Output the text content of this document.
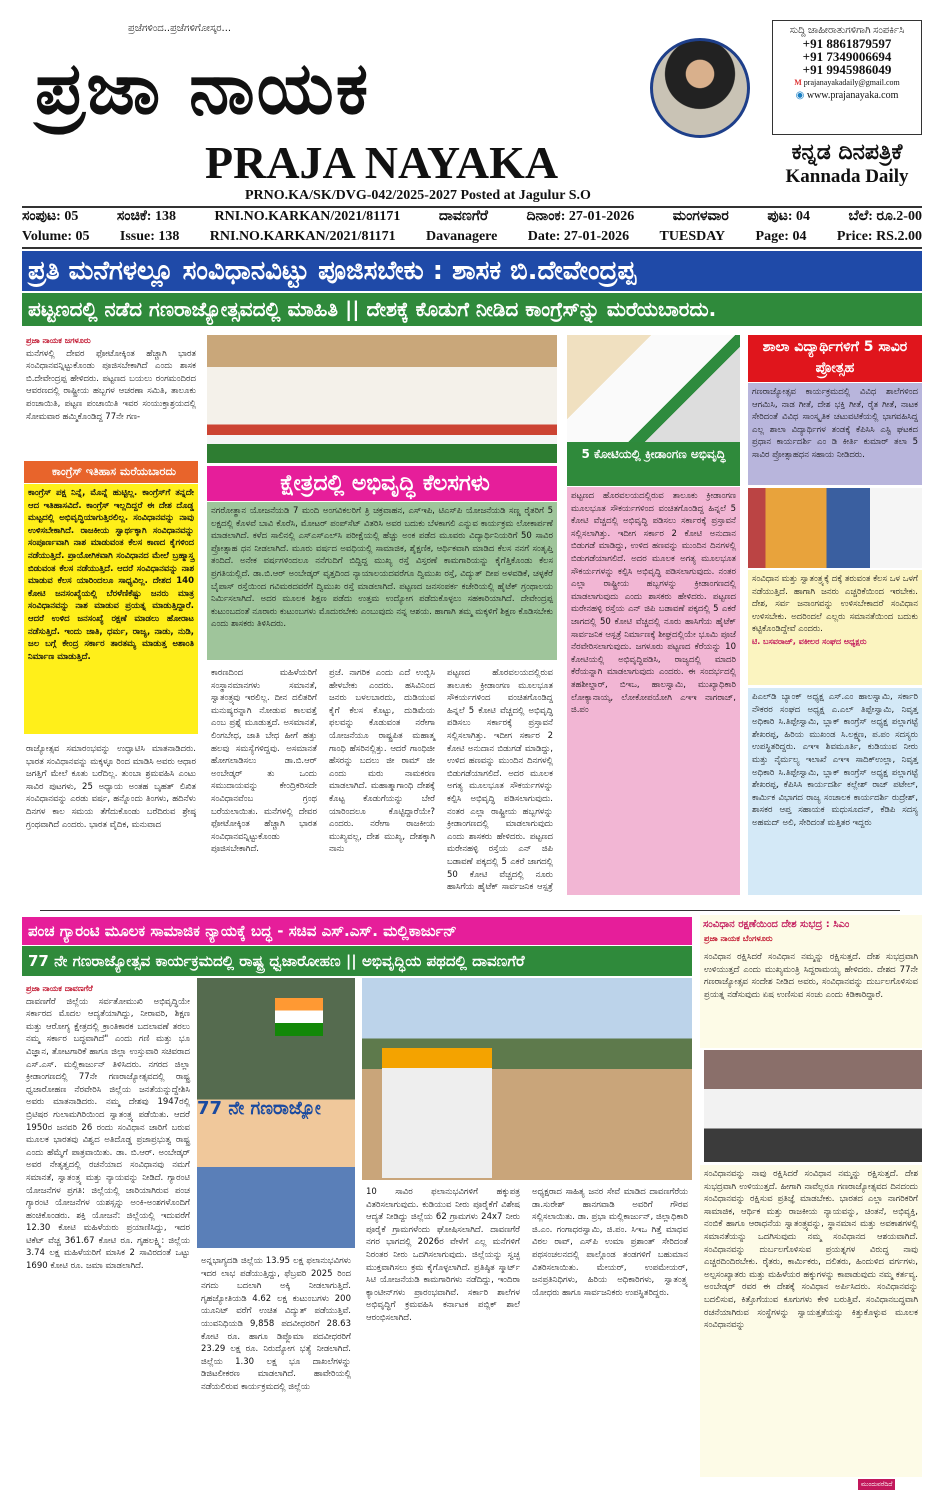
ಪ್ರಜೆಗಳಿಂದ..ಪ್ರಜೆಗಳಿಗೋಸ್ಕರ...
ಪ್ರಜಾ ನಾಯಕ
PRAJA NAYAKA
PRNO.KA/SK/DVG-042/2025-2027 Posted at Jagulur S.O
ಸುದ್ದಿ ಜಾಹೀರಾತುಗಳಿಗಾಗಿ ಸಂಪರ್ಕಿಸಿ
+91 8861879597
+91 7349006694
+91 9945986049
M prajanayakadaily@gmail.com
◉ www.prajanayaka.com
ಕನ್ನಡ ದಿನಪತ್ರಿಕೆ
Kannada Daily
ಸಂಪುಟ: 05	ಸಂಚಿಕೆ: 138	RNI.NO.KARKAN/2021/81171	ದಾವಣಗೆರೆ	ದಿನಾಂಕ: 27-01-2026	ಮಂಗಳವಾರ	ಪುಟ: 04	ಬೆಲೆ: ರೂ.2-00
Volume: 05 Issue: 138 RNI.NO.KARKAN/2021/81171 Davanagere Date: 27-01-2026 TUESDAY Page: 04 Price: RS.2.00
ಪ್ರತಿ ಮನೆಗಳಲ್ಲೂ ಸಂವಿಧಾನವಿಟ್ಟು ಪೂಜಿಸಬೇಕು : ಶಾಸಕ ಬಿ.ದೇವೇಂದ್ರಪ್ಪ
ಪಟ್ಟಣದಲ್ಲಿ ನಡೆದ ಗಣರಾಜ್ಯೋತ್ಸವದಲ್ಲಿ ಮಾಹಿತಿ || ದೇಶಕ್ಕೆ ಕೊಡುಗೆ ನೀಡಿದ ಕಾಂಗ್ರೆಸ್‌ನ್ನು ಮರೆಯಬಾರದು.
ಪ್ರಜಾ ನಾಯಕ ಜಗಳೂರು
ಮನೆಗಳಲ್ಲಿ ದೇವರ ಫೋಟೋಕ್ಕಿಂತ ಹೆಚ್ಚಾಗಿ ಭಾರತ ಸಂವಿಧಾನವನ್ನಿಟ್ಟುಕೊಂಡು ಪೂಜಿಸಬೇಕಾಗಿದೆ ಎಂದು ಶಾಸಕ ಬಿ.ದೇವೇಂದ್ರಪ್ಪ ಹೇಳಿದರು. ಪಟ್ಟಣದ ಬಯಲು ರಂಗಮಂದಿರದ ಆವರಣದಲ್ಲಿ ರಾಷ್ಟ್ರೀಯ ಹಬ್ಬಗಳ ಆಚರಣಾ ಸಮಿತಿ, ತಾಲೂಕು ಪಂಚಾಯಿತಿ, ಪಟ್ಟಣ ಪಂಚಾಯಿತಿ ಇವರ ಸಂಯುಕ್ತಾಶ್ರಯದಲ್ಲಿ ಸೋಮವಾರ ಹಮ್ಮಿಕೊಂಡಿದ್ದ 77ನೇ ಗಣ-
ಕಾಂಗ್ರೆಸ್ ಇತಿಹಾಸ ಮರೆಯಬಾರದು
ಕಾಂಗ್ರೆಸ್ ಪಕ್ಷ ನಿನ್ನೆ, ಮೊನ್ನೆ ಹುಟ್ಟಿಲ್ಲ. ಕಾಂಗ್ರೆಸ್‌ಗೆ ತನ್ನದೇ ಆದ ಇತಿಹಾಸವಿದೆ. ಕಾಂಗ್ರೆಸ್ ಇಲ್ಲದಿದ್ದರೆ ಈ ದೇಶ ದೊಡ್ಡ ಮಟ್ಟದಲ್ಲಿ ಅಭಿವೃದ್ಧಿಯಾಗುತ್ತಿರಲಿಲ್ಲ. ಸಂವಿಧಾನವನ್ನು ನಾವು ಉಳಿಸಬೇಕಾಗಿದೆ. ರಾಜಕೀಯ ಸ್ವಾರ್ಥಕ್ಕಾಗಿ ಸಂವಿಧಾನವನ್ನು ಸಂಪೂರ್ಣವಾಗಿ ನಾಶ ಮಾಡುವಂತ ಕೆಲಸ ಕಾಣದ ಕೈಗಳಿಂದ ನಡೆಯುತ್ತಿದೆ. ಪ್ರಾಯೋಗಿಕವಾಗಿ ಸಂವಿಧಾನದ ಮೇಲೆ ಬ್ರಹ್ಮಾಸ್ತ್ರ ಬಿಡುವಂತ ಕೆಲಸ ನಡೆಯುತ್ತಿದೆ. ಆದರೆ ಸಂವಿಧಾನವನ್ನು ನಾಶ ಮಾಡುವ ಕೆಲಸ ಯಾರಿಂದಲೂ ಸಾಧ್ಯವಿಲ್ಲ. ದೇಶದ 140 ಕೋಟಿ ಜನಸಂಖ್ಯೆಯಲ್ಲಿ ಬೆರಳೆಣಿಕೆಷ್ಟು ಜನರು ಮಾತ್ರ ಸಂವಿಧಾನವನ್ನು ನಾಶ ಮಾಡುವ ಪ್ರಯತ್ನ ಮಾಡುತ್ತಿದ್ದಾರೆ. ಆದರೆ ಉಳಿದ ಜನಸಂಖ್ಯೆ ರಕ್ಷಣೆ ಮಾಡಲು ಹೋರಾಟ ನಡೆಸುತ್ತಿದೆ. ಇಂದು ಜಾತಿ, ಧರ್ಮ, ರಾಜ್ಯ, ನಾಡು, ನುಡಿ, ಜಲ ಬಗ್ಗೆ ಕೇಂದ್ರ ಸರ್ಕಾರ ತಾರತಮ್ಯ ಮಾಡುತ್ತ ಅಶಾಂತಿ ನಿರ್ಮಾಣ ಮಾಡುತ್ತಿದೆ.
ರಾಜ್ಯೋತ್ಸವ ಸಮಾರಂಭವನ್ನು ಉದ್ಘಾಟಿಸಿ ಮಾತನಾಡಿದರು. ಭಾರತ ಸಂವಿಧಾನವನ್ನು ಮಕ್ಕಳ್ಳೂ ರಿಂದ ಮಾಡಿಸಿ ಅವರು ಆಧಾರ ಜಗತ್ತಿಗೆ ಮೇಲೆ ಕೂತು ಬರೆದಿಲ್ಲ. ತುಂಬಾ ಶ್ರಮವಹಿಸಿ ಎಂಟು ಸಾವಿರ ಪುಟಗಳು, 25 ಅಧ್ಯಾಯ ಅಂತಹ ಬೃಹತ್ ಲಿಖಿತ ಸಂವಿಧಾನವನ್ನು ಎರಡು ವರ್ಷ, ಹನ್ನೊಂದು ತಿಂಗಳು, ಹದಿನೆಳು ದಿನಗಳ ಕಾಲ ಸಮಯ ತೆಗೆದುಕೊಂಡು ಬರೆದಿರುವ ಶ್ರೇಷ್ಠ ಗ್ರಂಥವಾಗಿದೆ ಎಂದರು. ಭಾರತ ವೈದಿಕ, ಮನುವಾದ
ಕ್ಷೇತ್ರದಲ್ಲಿ ಅಭಿವೃದ್ಧಿ ಕೆಲಸಗಳು
ನಗರೋತ್ಥಾನ ಯೋಜನೆಯಡಿ 7 ಮಂದಿ ಅಂಗವಿಕಲರಿಗೆ ತ್ರಿ ಚಕ್ರವಾಹನ, ಎಸ್‌ಇಪಿ, ಟಿಎಸ್‌ಪಿ ಯೋಜನೆಯಡಿ ಸಣ್ಣ ರೈತರಿಗೆ 5 ಲಕ್ಷದಲ್ಲಿ ಕೊಳವೆ ಬಾವಿ ಕೊರೆಸಿ, ಮೋಟರ್ ಪಂಪ್‌ಸೆಟ್ ವಿತರಿಸಿ ಅವರ ಬದುಕು ಬೆಳಕಾಗಲಿ ಎನ್ನುವ ಕಾರ್ಯಕ್ರಮ ಲೋಕಾರ್ಪಣೆ ಮಾಡಲಾಗಿದೆ. ಕಳೆದ ಸಾಲಿನಲ್ಲಿ ಎಸ್‌ಎಸ್‌ಎಲ್‌ಸಿ ಪರೀಕ್ಷೆಯಲ್ಲಿ ಹೆಚ್ಚು ಅಂಕ ಪಡೆದ ಮೂವರು ವಿದ್ಯಾರ್ಥಿನಿಯರಿಗೆ 50 ಸಾವಿರ ಪ್ರೋತ್ಸಾಹ ಧನ ನೀಡಲಾಗಿದೆ. ಮೂರು ವರ್ಷದ ಅವಧಿಯಲ್ಲಿ ಸಾಮಾಜಿಕ, ಶೈಕ್ಷಣಿಕ, ಆರ್ಥಿಕವಾಗಿ ಮಾಡಿದ ಕೆಲಸ ನನಗೆ ಸಂತೃಪ್ತಿ ತಂದಿದೆ. ಅನೇಕ ವರ್ಷಗಳಿಂದಲೂ ನನೆಗುದಿಗೆ ಬಿದ್ದಿದ್ದ ಮುಖ್ಯ ರಸ್ತೆ ವಿಸ್ತರಣೆ ಕಾಮಗಾರಿಯನ್ನು ಕೈಗೆತ್ತಿಕೊಂಡು ಕೆಲಸ ಪ್ರಗತಿಯಲ್ಲಿದೆ. ಡಾ.ಬಿ.ಆರ್ ಅಂಬೇಡ್ಕರ್ ವೃತ್ತದಿಂದ ನ್ಯಾಯಾಲಯದವರೆಗೂ ದ್ವಿಮುಖ ರಸ್ತೆ, ವಿದ್ಯುತ್ ದೀಪ ಅಳವಡಿಕೆ, ಚಳ್ಳಕೆರೆ ಬೈಪಾಸ್ ರಸ್ತೆಯಿಂದ ಗವಿಮಠದವರೆಗೆ ದ್ವಿಮುಖ ರಸ್ತೆ ಮಾಡಲಾಗಿದೆ. ಪಟ್ಟಣದ ಜನಸಂಪರ್ಕ ಕಚೇರಿಯಲ್ಲಿ ಹೈಟೆಕ್ ಗ್ರಂಥಾಲಯ ನಿರ್ಮಿಸಲಾಗಿದೆ. ಅದರ ಮೂಲಕ ಶಿಕ್ಷಣ ಪಡೆದು ಉತ್ತಮ ಉದ್ಯೋಗ ಪಡೆದುಕೊಳ್ಳಲು ಸಹಕಾರಿಯಾಗಿದೆ. ದೇವೇಂದ್ರಪ್ಪ ಕುಟುಂಬದಂತೆ ನೂರಾರು ಕುಟುಂಬಗಳು ಮೊದುರಬೇಕು ಎಂಬುವುದು ನನ್ನ ಆಶಯ. ಹಾಗಾಗಿ ತಮ್ಮ ಮಕ್ಕಳಿಗೆ ಶಿಕ್ಷಣ ಕೊಡಿಸಬೇಕು ಎಂದು ಶಾಸಕರು ತಿಳಿಸಿದರು.
ಕಾರಣದಿಂದ ಮಹಿಳೆಯರಿಗೆ ಸಂಸ್ಥಾನಮಾನಗಳು ಸಮಾನತೆ, ಸ್ವಾತಂತ್ರ್ಯವು ಇರಲಿಲ್ಲ. ದೀನ ದಲಿತರಿಗೆ ಮನುಷ್ಯರನ್ನಾಗಿ ನೋಡುವ ಕಾಲವತ್ತೆ ಎಂಬ ಪ್ರಶ್ನೆ ಮೂಡುತ್ತದೆ. ಅಸಮಾನತೆ, ಲಿಂಗಬೇಧ, ಜಾತಿ ಬೇಧ ಹೀಗೆ ಹತ್ತು ಹಲವು ಸಮಸ್ಯೆಗಳಿದ್ದವು. ಅಸಮಾನತೆ ಹೋಗಲಾಡಿಸಲು ಡಾ.ಬಿ.ಆರ್ ಅಂಬೇಡ್ಕರ್ ತು ಒಂದು ಸಮುದಾಯವನ್ನು ಕೇಂದ್ರಿಕರಿಸದೇ ಸಂವಿಧಾನವೆಂಬ ಗ್ರಂಥ ಬರೆಯಲಾಯಿತು. ಮನೆಗಳಲ್ಲಿ ದೇವರ ಫೋಟೋಕ್ಕಿಂತ ಹೆಚ್ಚಾಗಿ ಭಾರತ ಸಂವಿಧಾನವನ್ನಿಟ್ಟುಕೊಂಡು ಪೂಜಿಸಬೇಕಾಗಿದೆ.
ಪ್ರಜೆ. ನಾಗರಿಕ ಎಂದು ಎದೆ ಉಬ್ಬಿಸಿ ಹೇಳಬೇಕು ಎಂದರು. ಹಸಿವಿನಿಂದ ಜನರು ಬಳಲಬಾರದು, ದುಡಿಯುವ ಕೈಗೆ ಕೆಲಸ ಕೊಟ್ಟು, ದುಡಿಮೆಯ ಫಲವನ್ನು ಕೊಡುವಂತ ನರೇಗಾ ಯೋಜನೆಯೂ ರಾಷ್ಟ್ರಪಿತ ಮಹಾತ್ಮ ಗಾಂಧಿ ಹೆಸರಿನಲ್ಲಿತ್ತು. ಆದರೆ ಗಾಂಧಿಜೀ ಹೆಸರನ್ನು ಬದಲು ಜೀ ರಾಮ್ ಜೀ ಎಂದು ಮರು ನಾಮಕರಣ ಮಾಡಲಾಗಿದೆ. ಮಹಾತ್ಮಾಗಾಂಧಿ ದೇಶಕ್ಕೆ ಕೊಟ್ಟ ಕೊಡುಗೆಯನ್ನು ಬೇರೆ ಯಾರಿಂದಲೂ ಕೊಟ್ಟಿದ್ದಾರೆಯೇ? ಎಂದರು. ನರೇಗಾ ರಾಜಕೀಯ ಮುಖ್ಯವಲ್ಲ, ದೇಶ ಮುಖ್ಯ, ದೇಶಕ್ಕಾಗಿ ನಾನು
ಪಟ್ಟಣದ ಹೊರವಲಯದಲ್ಲಿರುವ ತಾಲೂಕು ಕ್ರೀಡಾಂಗಣ ಮೂಲಭೂತ ಸೌಕರ್ಯಗಳಿಂದ ವಂಚಿತಗೊಂಡಿದ್ದ ಹಿನ್ನಲೆ 5 ಕೋಟಿ ವೆಚ್ಚದಲ್ಲಿ ಅಭಿವೃದ್ಧಿ ಪಡಿಸಲು ಸರ್ಕಾರಕ್ಕೆ ಪ್ರಸ್ತಾವನೆ ಸಲ್ಲಿಸಲಾಗಿತ್ತು. ಇದೀಗ ಸರ್ಕಾರ 2 ಕೋಟಿ ಅನುದಾನ ಬಿಡುಗಡೆ ಮಾಡಿದ್ದು, ಉಳಿದ ಹಣವನ್ನು ಮುಂದಿನ ದಿನಗಳಲ್ಲಿ ಬಿಡುಗಡೆಯಾಗಲಿದೆ. ಅದರ ಮೂಲಕ ಅಗತ್ಯ ಮೂಲಭೂತ ಸೌಕರ್ಯಗಳನ್ನು ಕಲ್ಪಿಸಿ ಅಭಿವೃದ್ಧಿ ಪಡಿಸಲಾಗುವುದು. ನಂತರ ಎಲ್ಲಾ ರಾಷ್ಟ್ರೀಯ ಹಬ್ಬಗಳನ್ನು ಕ್ರೀಡಾಂಗಣದಲ್ಲಿ ಮಾಡಲಾಗುವುದು ಎಂದು ಶಾಸಕರು ಹೇಳಿದರು. ಪಟ್ಟಣದ ಮರೇನಹಳ್ಳಿ ರಸ್ತೆಯ ಎನ್ ಜಿಪಿ ಬಡಾವಣೆ ಪಕ್ಕದಲ್ಲಿ 5 ಎಕರೆ ಜಾಗದಲ್ಲಿ 50 ಕೋಟಿ ವೆಚ್ಚದಲ್ಲಿ ನೂರು ಹಾಸಿಗೆಯ ಹೈಟೆಕ್ ಸಾರ್ವಜನಿಕ ಆಸ್ಪತ್ರೆ
5 ಕೋಟಿಯಲ್ಲಿ ಕ್ರೀಡಾಂಗಣ ಅಭಿವೃದ್ಧಿ
ಪಟ್ಟಣದ ಹೊರವಲಯದಲ್ಲಿರುವ ತಾಲೂಕು ಕ್ರೀಡಾಂಗಣ ಮೂಲಭೂತ ಸೌಕರ್ಯಗಳಿಂದ ವಂಚಿತಗೊಂಡಿದ್ದ ಹಿನ್ನಲೆ 5 ಕೋಟಿ ವೆಚ್ಚದಲ್ಲಿ ಅಭಿವೃದ್ಧಿ ಪಡಿಸಲು ಸರ್ಕಾರಕ್ಕೆ ಪ್ರಸ್ತಾವನೆ ಸಲ್ಲಿಸಲಾಗಿತ್ತು. ಇದೀಗ ಸರ್ಕಾರ 2 ಕೋಟಿ ಅನುದಾನ ಬಿಡುಗಡೆ ಮಾಡಿದ್ದು, ಉಳಿದ ಹಣವನ್ನು ಮುಂದಿನ ದಿನಗಳಲ್ಲಿ ಬಿಡುಗಡೆಯಾಗಲಿದೆ. ಅದರ ಮೂಲಕ ಅಗತ್ಯ ಮೂಲಭೂತ ಸೌಕರ್ಯಗಳನ್ನು ಕಲ್ಪಿಸಿ ಅಭಿವೃದ್ಧಿ ಪಡಿಸಲಾಗುವುದು. ನಂತರ ಎಲ್ಲಾ ರಾಷ್ಟ್ರೀಯ ಹಬ್ಬಗಳನ್ನು ಕ್ರೀಡಾಂಗಣದಲ್ಲಿ ಮಾಡಲಾಗುವುದು ಎಂದು ಶಾಸಕರು ಹೇಳಿದರು. ಪಟ್ಟಣದ ಮರೇನಹಳ್ಳಿ ರಸ್ತೆಯ ಎನ್ ಜಿಪಿ ಬಡಾವಣೆ ಪಕ್ಕದಲ್ಲಿ 5 ಎಕರೆ ಜಾಗದಲ್ಲಿ 50 ಕೋಟಿ ವೆಚ್ಚದಲ್ಲಿ ನೂರು ಹಾಸಿಗೆಯ ಹೈಟೆಕ್ ಸಾರ್ವಜನಿಕ ಆಸ್ಪತ್ರೆ ನಿರ್ಮಾಣಕ್ಕೆ ಶೀಘ್ರದಲ್ಲಿಯೇ ಭೂಮಿ ಪೂಜೆ ನೆರವೇರಿಸಲಾಗುವುದು. ಜಗಳೂರು ಪಟ್ಟಣದ ಕೆರೆಯನ್ನು 10 ಕೋಟಿಯಲ್ಲಿ ಅಭಿವೃದ್ಧಿಪಡಿಸಿ, ರಾಜ್ಯದಲ್ಲಿ ಮಾದರಿ ಕೆರೆಯನ್ನಾಗಿ ಮಾಡಲಾಗುವುದು ಎಂದರು. ಈ ಸಂದರ್ಭದಲ್ಲಿ ತಹಶೀಲ್ದಾರ್, ಬಿಇಒ, ಹಾಲಸ್ವಾಮಿ, ಮುಖ್ಯಾಧಿಕಾರಿ ಲೋಕ್ಯಾನಾಯ್ಕ, ಲೋಕೋಪಯೋಗಿ ಎಇಇ ನಾಗರಾಜ್, ಜಿ.ಪಂ
ಶಾಲಾ ವಿದ್ಯಾರ್ಥಿಗಳಿಗೆ 5 ಸಾವಿರ ಪ್ರೋತ್ಸಹ
ಗಣರಾಜ್ಯೋತ್ಸವ ಕಾರ್ಯಕ್ರಮದಲ್ಲಿ ವಿವಿಧ ಶಾಲೆಗಳಿಂದ ಆಗಮಿಸಿ, ನಾಡ ಗೀತೆ, ದೇಶ ಭಕ್ತಿ ಗೀತೆ, ರೈತ ಗೀತೆ, ನಾಟಕ ಸೇರಿದಂತೆ ವಿವಿಧ ಸಾಂಸ್ಕೃತಿಕ ಚಟುವಟಿಕೆಯಲ್ಲಿ ಭಾಗವಹಿಸಿದ್ದ ಎಲ್ಲ ಶಾಲಾ ವಿದ್ಯಾರ್ಥಿಗಳ ತಂಡಕ್ಕೆ ಕೆಪಿಸಿಸಿ ಎಸ್ಟಿ ಘಟಕದ ಪ್ರಧಾನ ಕಾರ್ಯದರ್ಶಿ ಎಂ ಡಿ ಕೀರ್ತಿ ಕುಮಾರ್ ತಲಾ 5 ಸಾವಿರ ಪ್ರೋತ್ಸಾಹಧನ ಸಹಾಯ ನೀಡಿದರು.
ಸಂವಿಧಾನ ಮತ್ತು ಸ್ವಾತಂತ್ರ್ಯಕ್ಕೆ ದಕ್ಕೆ ತರುವಂತ ಕೆಲಸ ಒಳ ಒಳಗೆ ನಡೆಯುತ್ತಿದೆ. ಹಾಗಾಗಿ ಜನರು ಎಚ್ಚರಿಕೆಯಿಂದ ಇರಬೇಕು. ದೇಶ, ಸರ್ವ ಜನಾಂಗವನ್ನು ಉಳಿಸಬೇಕಾದರೆ ಸಂವಿಧಾನ ಉಳಿಸಬೇಕು. ಅದರಿಂದಲೆ ಎಲ್ಲರು ಸಮಾನತೆಯಿಂದ ಬದುಕು ಕಟ್ಟಿಕೊಂಡಿದ್ದೇವೆ ಎಂದರು.
ಟಿ. ಬಸವರಾಜ್, ವಕೀಲರ ಸಂಘದ ಅಧ್ಯಕ್ಷರು
ಪಿಎಲ್‌ಡಿ ಬ್ಯಾಂಕ್ ಅಧ್ಯಕ್ಷ ಎಸ್.ಎಂ ಹಾಲಸ್ವಾಮಿ, ಸರ್ಕಾರಿ ನೌಕರರ ಸಂಘದ ಅಧ್ಯಕ್ಷ ಎ.ಎಲ್ ತಿಪ್ಪೇಸ್ವಾಮಿ, ನಿವೃತ್ತ ಅಧಿಕಾರಿ ಸಿ.ತಿಪ್ಪೇಸ್ವಾಮಿ, ಬ್ಲಾಕ್ ಕಾಂಗ್ರೆಸ್ ಅಧ್ಯಕ್ಷ ಪಲ್ಲಾಗಟ್ಟೆ ಶೇಖರಪ್ಪ, ಹಿರಿಯ ಮುಖಂಡ ಸಿ.ಲಕ್ಷ್ಮಣ, ಪ.ಪಂ ಸದಸ್ಯರು ಉಪಸ್ಥಿತರಿದ್ದರು. ಎಇಇ ಶಿವಮೂರ್ತಿ, ಕುಡಿಯುವ ನೀರು ಮತ್ತು ನೈರ್ಮಲ್ಯ ಇಲಾಖೆ ಎಇಇ ಸಾದಿಕ್‌ಉಲ್ಲಾ, ನಿವೃತ್ತ ಅಧಿಕಾರಿ ಸಿ.ತಿಪ್ಪೇಸ್ವಾಮಿ, ಬ್ಲಾಕ್ ಕಾಂಗ್ರೆಸ್ ಅಧ್ಯಕ್ಷ ಪಲ್ಲಾಗಟ್ಟೆ ಶೇಖರಪ್ಪ, ಕೆಪಿಸಿಸಿ ಕಾರ್ಯದರ್ಶಿ ಕಲ್ಲೇಶ್ ರಾಜ್ ಪಟೇಲ್, ಕಾರ್ಮಿಕ ವಿಭಾಗದ ರಾಜ್ಯ ಸಂಚಾಲಕ ಕಾರ್ಯದರ್ಶಿ ರುದ್ರೇಶ್, ಶಾಸಕರ ಆಪ್ತ ಸಹಾಯಕ ಮಧುಸೂದನ್, ಕೆಡಿಪಿ ಸದಸ್ಯ ಅಹಮದ್ ಅಲಿ, ಸೇರಿದಂತೆ ಮತ್ತಿತರ ಇದ್ದರು
ಪಂಚ ಗ್ಯಾರಂಟಿ ಮೂಲಕ ಸಾಮಾಜಿಕ ನ್ಯಾಯಕ್ಕೆ ಬದ್ಧ - ಸಚಿವ ಎಸ್.ಎಸ್. ಮಲ್ಲಿಕಾರ್ಜುನ್
77 ನೇ ಗಣರಾಜ್ಯೋತ್ಸವ ಕಾರ್ಯಕ್ರಮದಲ್ಲಿ ರಾಷ್ಟ್ರ ಧ್ವಜಾರೋಹಣ || ಅಭಿವೃದ್ಧಿಯ ಪಥದಲ್ಲಿ ದಾವಣಗೆರೆ
ಪ್ರಜಾ ನಾಯಕ ದಾವಣಗೆರೆ
ದಾವಣಗೆರೆ ಜಿಲ್ಲೆಯ ಸರ್ವತೋಮುಖಿ ಅಭಿವೃದ್ಧಿಯೇ ಸರ್ಕಾರದ ಮೊದಲ ಆದ್ಯತೆಯಾಗಿದ್ದು, ನೀರಾವರಿ, ಶಿಕ್ಷಣ ಮತ್ತು ಆರೋಗ್ಯ ಕ್ಷೇತ್ರದಲ್ಲಿ ಕ್ರಾಂತಿಕಾರಕ ಬದಲಾವಣೆ ತರಲು ನಮ್ಮ ಸರ್ಕಾರ ಬದ್ಧವಾಗಿದೆ" ಎಂದು ಗಣಿ ಮತ್ತು ಭೂ ವಿಜ್ಞಾನ, ತೋಟಗಾರಿಕೆ ಹಾಗೂ ಜಿಲ್ಲಾ ಉಸ್ತುವಾರಿ ಸಚಿವರಾದ ಎಸ್.ಎಸ್. ಮಲ್ಲಿಕಾರ್ಜುನ್ ತಿಳಿಸಿದರು. ನಗರದ ಜಿಲ್ಲಾ ಕ್ರೀಡಾಂಗಣದಲ್ಲಿ 77ನೇ ಗಣರಾಜ್ಯೋತ್ಸವದಲ್ಲಿ ರಾಷ್ಟ್ರ ಧ್ವಜಾರೋಹಣ ನೆರವೇರಿಸಿ ಜಿಲ್ಲೆಯ ಜನತೆಯನ್ನುದ್ದೇಶಿಸಿ ಅವರು ಮಾತನಾಡಿದರು. ನಮ್ಮ ದೇಶವು 1947ರಲ್ಲಿ ಬ್ರಿಟಿಷರ ಗುಲಾಮಗಿರಿಯಿಂದ ಸ್ವಾತಂತ್ರ್ಯ ಪಡೆಯಿತು. ಆದರೆ 1950ರ ಜನವರಿ 26 ರಂದು ಸಂವಿಧಾನ ಜಾರಿಗೆ ಬರುವ ಮೂಲಕ ಭಾರತವು ವಿಶ್ವದ ಅತಿದೊಡ್ಡ ಪ್ರಜಾಪ್ರಭುತ್ವ ರಾಷ್ಟ್ರ ಎಂದು ಹೆಮ್ಮೆಗೆ ಪಾತ್ರವಾಯಿತು. ಡಾ. ಬಿ.ಆರ್. ಅಂಬೇಡ್ಕರ್ ಅವರ ನೇತೃತ್ವದಲ್ಲಿ ರಚನೆಯಾದ ಸಂವಿಧಾನವು ನಮಗೆ ಸಮಾನತೆ, ಸ್ವಾತಂತ್ರ್ಯ ಮತ್ತು ನ್ಯಾಯವನ್ನು ನೀಡಿದೆ. ಗ್ಯಾರಂಟಿ ಯೋಜನೆಗಳ ಪ್ರಗತಿ: ಜಿಲ್ಲೆಯಲ್ಲಿ ಜಾರಿಯಾಗಿರುವ ಪಂಚ ಗ್ಯಾರಂಟಿ ಯೋಜನೆಗಳ ಯಶಸ್ಸನ್ನು ಅಂಕಿ-ಅಂಶಗಳೊಂದಿಗೆ ಹಂಚಿಕೊಂಡರು. ಶಕ್ತಿ ಯೋಜನೆ: ಜಿಲ್ಲೆಯಲ್ಲಿ ಇದುವರೆಗೆ 12.30 ಕೋಟಿ ಮಹಿಳೆಯರು ಪ್ರಯಾಣಿಸಿದ್ದು, ಇದರ ಟಿಕೆಟ್ ವೆಚ್ಚ 361.67 ಕೋಟಿ ರೂ. ಗೃಹಲಕ್ಷ್ಮಿ: ಜಿಲ್ಲೆಯ 3.74 ಲಕ್ಷ ಮಹಿಳೆಯರಿಗೆ ಮಾಸಿಕ 2 ಸಾವಿರದಂತೆ ಒಟ್ಟು 1690 ಕೋಟಿ ರೂ. ಜಮಾ ಮಾಡಲಾಗಿದೆ.
77 ನೇ ಗಣರಾಜ್ಯೋ
ಅನ್ನಭಾಗ್ಯದಡಿ ಜಿಲ್ಲೆಯ 13.95 ಲಕ್ಷ ಫಲಾನುಭವಿಗಳು ಇದರ ಲಾಭ ಪಡೆಯುತ್ತಿದ್ದು, ಫೆಬ್ರವರಿ 2025 ರಿಂದ ನಗದು ಬದಲಾಗಿ ಅಕ್ಕಿ ನೀಡಲಾಗುತ್ತಿದೆ. ಗೃಹಜ್ಯೋತಿಯಡಿ 4.62 ಲಕ್ಷ ಕುಟುಂಬಗಳು 200 ಯೂನಿಟ್ ವರೆಗೆ ಉಚಿತ ವಿದ್ಯುತ್ ಪಡೆಯುತ್ತಿವೆ. ಯುವನಿಧಿಯಡಿ 9,858 ಪದವೀಧರರಿಗೆ 28.63 ಕೋಟಿ ರೂ. ಹಾಗೂ ಡಿಪ್ಲೊಮಾ ಪದವೀಧರರಿಗೆ 23.29 ಲಕ್ಷ ರೂ. ನಿರುದ್ಯೋಗ ಭತ್ಯೆ ನೀಡಲಾಗಿದೆ. ಜಿಲ್ಲೆಯ 1.30 ಲಕ್ಷ ಭೂ ದಾಖಲೆಗಳನ್ನು ಡಿಜಿಟಲೀಕರಣ ಮಾಡಲಾಗಿದೆ. ಹಾವೇರಿಯಲ್ಲಿ ನಡೆಯಲಿರುವ ಕಾರ್ಯಕ್ರಮದಲ್ಲಿ ಜಿಲ್ಲೆಯ
10 ಸಾವಿರ ಫಲಾನುಭವಿಗಳಿಗೆ ಹಕ್ಕುಪತ್ರ ವಿತರಿಸಲಾಗುವುದು. ಕುಡಿಯುವ ನೀರು ಪೂರೈಕೆಗೆ ವಿಶೇಷ ಆದ್ಯತೆ ನೀಡಿದ್ದು ಜಿಲ್ಲೆಯ 62 ಗ್ರಾಮಗಳು 24x7 ನೀರು ಪೂರೈಕೆ ಗ್ರಾಮಗಳೆಂದು ಘೋಷಿಸಲಾಗಿದೆ. ದಾವಣಗೆರೆ ನಗರ ಭಾಗದಲ್ಲಿ 2026ರ ವೇಳೆಗೆ ಎಲ್ಲ ಮನೆಗಳಿಗೆ ನಿರಂತರ ನೀರು ಒದಗಿಸಲಾಗುವುದು. ಜಿಲ್ಲೆಯನ್ನು ಸ್ವಚ್ಛ ಮುಕ್ತವಾಗಿಸಲು ಕ್ರಮ ಕೈಗೊಳ್ಳಲಾಗಿದೆ. ಪ್ರತಿಷ್ಠಿತ ಸ್ಮಾರ್ಟ್ ಸಿಟಿ ಯೋಜನೆಯಡಿ ಕಾಮಗಾರಿಗಳು ನಡೆದಿದ್ದು, ಇಂದಿರಾ ಕ್ಯಾಂಟೀನ್‌ಗಳು ಪ್ರಾರಂಭವಾಗಿವೆ. ಸರ್ಕಾರಿ ಶಾಲೆಗಳ ಅಭಿವೃದ್ಧಿಗೆ ಕ್ರಮವಹಿಸಿ ಕರ್ನಾಟಕ ಪಬ್ಲಿಕ್ ಶಾಲೆ ಆರಂಭಿಸಲಾಗಿದೆ.
ಅಧ್ಯಕ್ಷರಾದ ಸಾಹಿತ್ಯ ಜನರ ಸೇವೆ ಮಾಡಿದ ದಾವಣಗೆರೆಯ ಡಾ.ಸುರೇಶ್ ಹಾನಗವಾಡಿ ಅವರಿಗೆ ಗೌರವ ಸಲ್ಲಿಸಲಾಯಿತು. ಡಾ. ಪ್ರಭಾ ಮಲ್ಲಿಕಾರ್ಜುನ್, ಜಿಲ್ಲಾಧಿಕಾರಿ ಜಿ.ಎಂ. ಗಂಗಾಧರಸ್ವಾಮಿ, ಜಿ.ಪಂ. ಸಿಇಒ ಗಿತ್ತೆ ಮಾಧವ ವಿಠಲ ರಾವ್, ಎಸ್‌ಪಿ ಉಮಾ ಪ್ರಶಾಂತ್ ಸೇರಿದಂತೆ ಪಥಸಂಚಲನದಲ್ಲಿ ಪಾಲ್ಗೊಂಡ ತಂಡಗಳಿಗೆ ಬಹುಮಾನ ವಿತರಿಸಲಾಯಿತು. ಮೇಯರ್, ಉಪಮೇಯರ್, ಜನಪ್ರತಿನಿಧಿಗಳು, ಹಿರಿಯ ಅಧಿಕಾರಿಗಳು, ಸ್ವಾತಂತ್ರ್ಯ ಯೋಧರು ಹಾಗೂ ಸಾರ್ವಜನಿಕರು ಉಪಸ್ಥಿತರಿದ್ದರು.
ಸಂವಿಧಾನ ರಕ್ಷಣೆಯಿಂದ ದೇಶ ಸುಭದ್ರ : ಸಿಎಂ
ಪ್ರಜಾ ನಾಯಕ ಬೆಂಗಳೂರು
ಸಂವಿಧಾನ ರಕ್ಷಿಸಿದರೆ ಸಂವಿಧಾನ ನಮ್ಮನ್ನು ರಕ್ಷಿಸುತ್ತದೆ. ದೇಶ ಸುಭದ್ರವಾಗಿ ಉಳಿಯುತ್ತದೆ ಎಂದು ಮುಖ್ಯಮಂತ್ರಿ ಸಿದ್ದರಾಮಯ್ಯ ಹೇಳಿದರು. ದೇಶದ 77ನೇ ಗಣರಾಜ್ಯೋತ್ಸವ ಸಂದೇಶ ನೀಡಿದ ಅವರು, ಸಂವಿಧಾನವನ್ನು ದುರ್ಬಲಗೊಳಿಸುವ ಪ್ರಯತ್ನ ನಡೆಸುವುದು ಏಷ ಉಣಿಸುವ ಸಂಚು ಎಂದು ಕಿಡಿಕಾರಿದ್ದಾರೆ.
ಸಂವಿಧಾನವನ್ನು ನಾವು ರಕ್ಷಿಸಿದರೆ ಸಂವಿಧಾನ ನಮ್ಮನ್ನು ರಕ್ಷಿಸುತ್ತದೆ. ದೇಶ ಸುಭದ್ರವಾಗಿ ಉಳಿಯುತ್ತದೆ. ಹೀಗಾಗಿ ನಾವೆಲ್ಲರೂ ಗಣರಾಜ್ಯೋತ್ಸವದ ದಿನದಂದು ಸಂವಿಧಾನವನ್ನು ರಕ್ಷಿಸುವ ಪ್ರತಿಜ್ಞೆ ಮಾಡಬೇಕು. ಭಾರತದ ಎಲ್ಲಾ ನಾಗರಿಕರಿಗೆ ಸಾಮಾಜಿಕ, ಆರ್ಥಿಕ ಮತ್ತು ರಾಜಕೀಯ ನ್ಯಾಯವನ್ನು, ಚಿಂತನೆ, ಅಭಿವ್ಯಕ್ತಿ, ನಂಬಿಕೆ ಹಾಗೂ ಆರಾಧನೆಯ ಸ್ವಾತಂತ್ರ್ಯವನ್ನು, ಸ್ಥಾನಮಾನ ಮತ್ತು ಅವಕಾಶಗಳಲ್ಲಿ ಸಮಾನತೆಯನ್ನು ಒದಗಿಸುವುದು ನಮ್ಮ ಸಂವಿಧಾನದ ಆಶಯವಾಗಿದೆ. ಸಂವಿಧಾನವನ್ನು ದುರ್ಬಲಗೊಳಿಸುವ ಪ್ರಯತ್ನಗಳ ವಿರುದ್ಧ ನಾವು ಎಚ್ಚರದಿಂದಿರಬೇಕು. ರೈತರು, ಕಾರ್ಮಿಕರು, ದಲಿತರು, ಹಿಂದುಳಿದ ವರ್ಗಗಳು, ಅಲ್ಪಸಂಖ್ಯಾತರು ಮತ್ತು ಮಹಿಳೆಯರ ಹಕ್ಕುಗಳನ್ನು ಕಾಪಾಡುವುದು ನಮ್ಮ ಕರ್ತವ್ಯ. ಅಂಬೇಡ್ಕರ್ ರವರ ಈ ದೇಶಕ್ಕೆ ಸಂವಿಧಾನ ಅರ್ಪಿಸಿದರು. ಸಂವಿಧಾನವನ್ನು ಬದಲಿಸುವ, ಕಿತ್ತೊಗೆಯುವ ಕೂಗುಗಳು ಕೇಳಿ ಬರುತ್ತಿವೆ. ಸಂವಿಧಾನಬದ್ಧವಾಗಿ ರಚನೆಯಾಗಿರುವ ಸಂಸ್ಥೆಗಳನ್ನು ಸ್ವಾಯತ್ತತೆಯನ್ನು ಕಿತ್ತುಕೊಳ್ಳುವ ಮೂಲಕ ಸಂವಿಧಾನವನ್ನು
ಮುಂದುವರೆದಿದೆ
